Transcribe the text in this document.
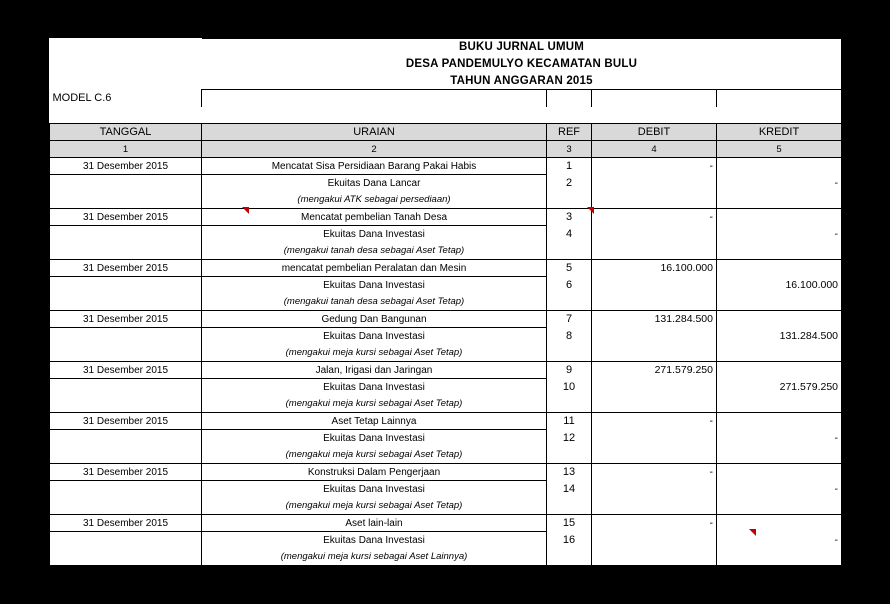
	BUKU JURNAL UMUM			
	DESA PANDEMULYO KECAMATAN BULU			
	TAHUN ANGGARAN 2015			
MODEL C.6				

TANGGAL	URAIAN	REF	DEBIT	KREDIT
1	2	3	4	5
31 Desember 2015	Mencatat Sisa Persidiaan Barang Pakai Habis	1	-	
	Ekuitas Dana Lancar	2		-
	(mengakui ATK sebagai persediaan)			
31 Desember 2015	Mencatat pembelian Tanah Desa	3	-	
	Ekuitas Dana Investasi	4		-
	(mengakui tanah desa sebagai Aset Tetap)			
31 Desember 2015	mencatat pembelian Peralatan dan Mesin	5	16.100.000	
	Ekuitas Dana Investasi	6		16.100.000
	(mengakui tanah desa sebagai Aset Tetap)			
31 Desember 2015	Gedung Dan Bangunan	7	131.284.500	
	Ekuitas Dana Investasi	8		131.284.500
	(mengakui meja kursi sebagai Aset Tetap)			
31 Desember 2015	Jalan, Irigasi dan Jaringan	9	271.579.250	
	Ekuitas Dana Investasi	10		271.579.250
	(mengakui meja kursi sebagai Aset Tetap)			
31 Desember 2015	Aset Tetap Lainnya	11	-	
	Ekuitas Dana Investasi	12		-
	(mengakui meja kursi sebagai Aset Tetap)			
31 Desember 2015	Konstruksi Dalam Pengerjaan	13	-	
	Ekuitas Dana Investasi	14		-
	(mengakui meja kursi sebagai Aset Tetap)			
31 Desember 2015	Aset lain-lain	15	-	
	Ekuitas Dana Investasi	16		-
	(mengakui meja kursi sebagai Aset Lainnya)			
